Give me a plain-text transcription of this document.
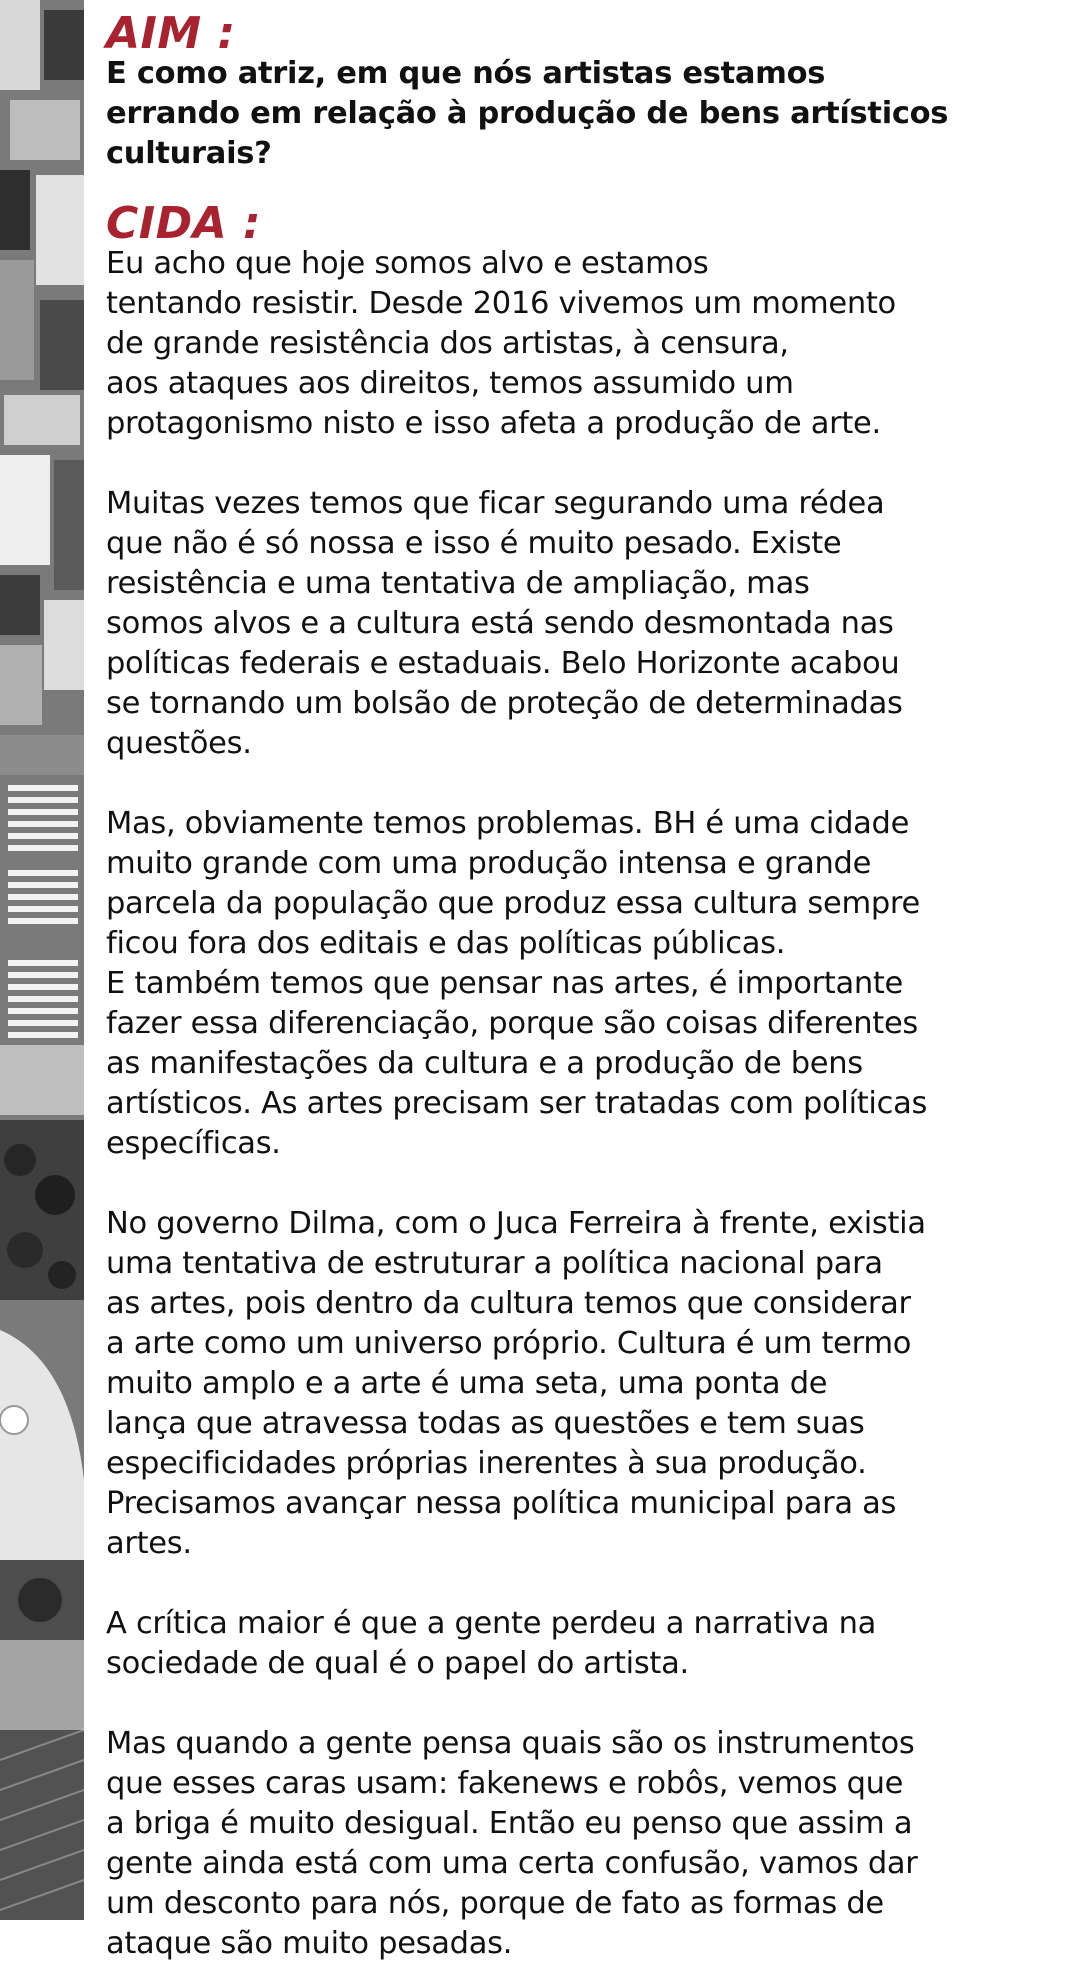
AIM :
E como atriz, em que nós artistas estamos
errando em relação à produção de bens artísticos
culturais?
CIDA :
Eu acho que hoje somos alvo e estamos
tentando resistir. Desde 2016 vivemos um momento
de grande resistência dos artistas, à censura,
aos ataques aos direitos, temos assumido um
protagonismo nisto e isso afeta a produção de arte.
Muitas vezes temos que ficar segurando uma rédea
que não é só nossa e isso é muito pesado. Existe
resistência e uma tentativa de ampliação, mas
somos alvos e a cultura está sendo desmontada nas
políticas federais e estaduais. Belo Horizonte acabou
se tornando um bolsão de proteção de determinadas
questões.
Mas, obviamente temos problemas. BH é uma cidade
muito grande com uma produção intensa e grande
parcela da população que produz essa cultura sempre
ficou fora dos editais e das políticas públicas.
E também temos que pensar nas artes, é importante
fazer essa diferenciação, porque são coisas diferentes
as manifestações da cultura e a produção de bens
artísticos. As artes precisam ser tratadas com políticas
específicas.
No governo Dilma, com o Juca Ferreira à frente, existia
uma tentativa de estruturar a política nacional para
as artes, pois dentro da cultura temos que considerar
a arte como um universo próprio. Cultura é um termo
muito amplo e a arte é uma seta, uma ponta de
lança que atravessa todas as questões e tem suas
especificidades próprias inerentes à sua produção.
Precisamos avançar nessa política municipal para as
artes.
A crítica maior é que a gente perdeu a narrativa na
sociedade de qual é o papel do artista.
Mas quando a gente pensa quais são os instrumentos
que esses caras usam: fakenews e robôs, vemos que
a briga é muito desigual. Então eu penso que assim a
gente ainda está com uma certa confusão, vamos dar
um desconto para nós, porque de fato as formas de
ataque são muito pesadas.
